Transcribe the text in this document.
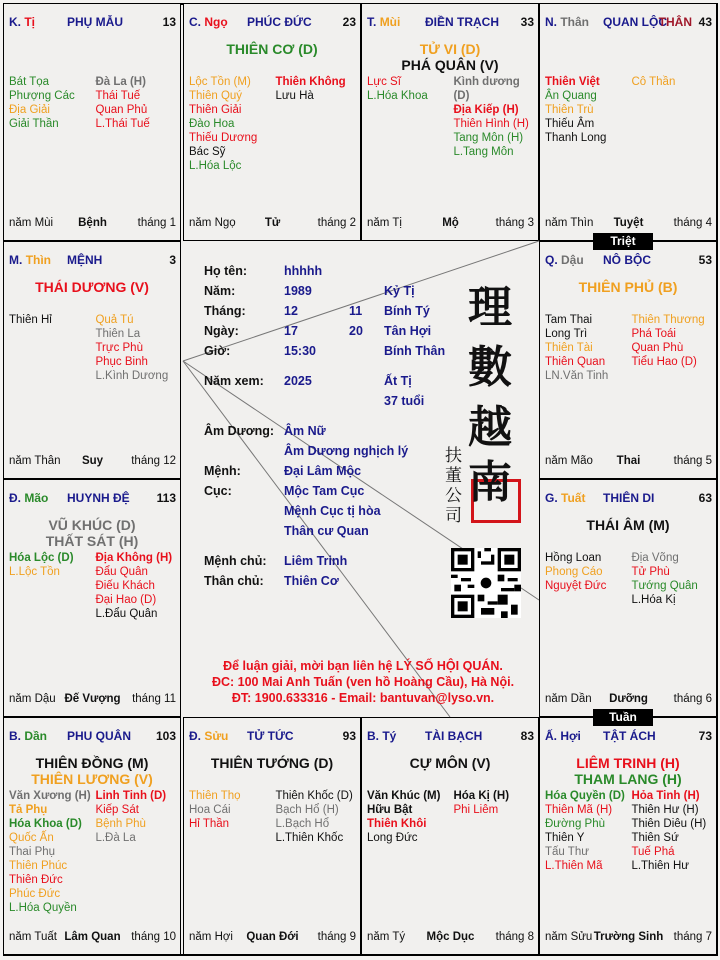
Triệt
Tuần
Họ tên:	hhhhh
Năm:	1989	Kỷ Tị
Tháng:	12	11 Bính Tý
Ngày:	17	20 Tân Hợi
Giờ:	15:30	Bính Thân
Năm xem: 2025	Ất Tị
37 tuổi
Âm Dương: Âm Nữ
Âm Dương nghịch lý
Mệnh:	Đại Lâm Mộc
Cục:	Mộc Tam Cục
Mệnh Cục tị hòa
Thân cư Quan
Mệnh chủ: Liêm Trinh
Thân chủ: Thiên Cơ
理
數
越
南
扶
董
公
司
Để luận giải, mời bạn liên hệ LÝ SỐ HỘI QUÁN.
ĐC: 100 Mai Anh Tuấn (ven hồ Hoàng Cầu), Hà Nội.
ĐT: 1900.633316 - Email: bantuvan@lyso.vn.
K. Tị	PHỤ MẪU	13
Bát Tọa
Phượng Các
Địa Giải
Giải Thần
Đà La (H)
Thái Tuế
Quan Phủ
L.Thái Tuế
năm Mùi	Bệnh	tháng 1
C. Ngọ PHÚC ĐỨC	23
THIÊN CƠ (D)
Lộc Tồn (M)
Thiên Quý
Thiên Giải
Đào Hoa
Thiếu Dương
Bác Sỹ
L.Hóa Lộc
Thiên Không
Lưu Hà
năm Ngọ	Tử	tháng 2
T. Mùi ĐIỀN TRẠCH 33
TỬ VI (D)
PHÁ QUÂN (V)
Lực Sĩ
L.Hóa Khoa
Kình dương (D)
Địa Kiếp (H)
Thiên Hình (H)
Tang Môn (H)
L.Tang Môn
năm Tị	Mộ	tháng 3
N. Thân QUAN LỘC
THÂN 43
Thiên Việt
Ân Quang
Thiên Trù
Thiếu Âm
Thanh Long
Cô Thần
năm Thìn	Tuyệt	tháng 4
M. Thìn MỆNH	3
THÁI DƯƠNG (V)
Thiên Hỉ	Quả Tú
Thiên La
Trực Phù
Phục Binh
L.Kình Dương
năm Thân	Suy	tháng 12
Q. Dậu NÔ BỘC	53
THIÊN PHỦ (B)
Tam Thai
Long Trì
Thiên Tài
Thiên Quan
LN.Văn Tinh
Thiên Thương
Phá Toái
Quan Phù
Tiểu Hao (D)
năm Mão	Thai	tháng 5
Đ. Mão HUYNH ĐỆ 113
VŨ KHÚC (D)
THẤT SÁT (H)
Hóa Lộc (D)
L.Lộc Tồn
Địa Không (H)
Đẩu Quân
Điếu Khách
Đại Hao (D)
L.Đẩu Quân
năm Dậu Đế Vượng	tháng 11
G. Tuất THIÊN DI	63
THÁI ÂM (M)
Hồng Loan
Phong Cáo
Nguyệt Đức
Địa Võng
Tử Phù
Tướng Quân
L.Hóa Kị
năm Dần	Dưỡng	tháng 6
B. Dần PHU QUÂN 103
THIÊN ĐỒNG (M)
THIÊN LƯƠNG (V)
Văn Xương (H)
Tả Phụ
Hóa Khoa (D)
Quốc Ấn
Thai Phụ
Thiên Phúc
Thiên Đức
Phúc Đức
L.Hóa Quyền
Linh Tinh (D)
Kiếp Sát
Bệnh Phù
L.Đà La
năm Tuất Lâm Quan tháng 10
Đ. Sửu TỬ TỨC	93
THIÊN TƯỚNG (D)
Thiên Thọ
Hoa Cái
Hỉ Thần
Thiên Khốc (D)
Bạch Hổ (H)
L.Bạch Hổ
L.Thiên Khốc
năm Hợi	Quan Đới	tháng 9
B. Tý TÀI BẠCH	83
CỰ MÔN (V)
Văn Khúc (M)
Hữu Bật
Thiên Khôi
Long Đức
Hóa Kị (H)
Phi Liêm
năm Tý	Mộc Dục	tháng 8
Ấ. Hợi TẬT ÁCH	73
LIÊM TRINH (H)
THAM LANG (H)
Hóa Quyền (D)
Thiên Mã (H)
Đường Phù
Thiên Y
Tấu Thư
L.Thiên Mã
Hỏa Tinh (H)
Thiên Hư (H)
Thiên Diêu (H)
Thiên Sứ
Tuế Phá
L.Thiên Hư
năm Sửu Trường Sinh tháng 7
